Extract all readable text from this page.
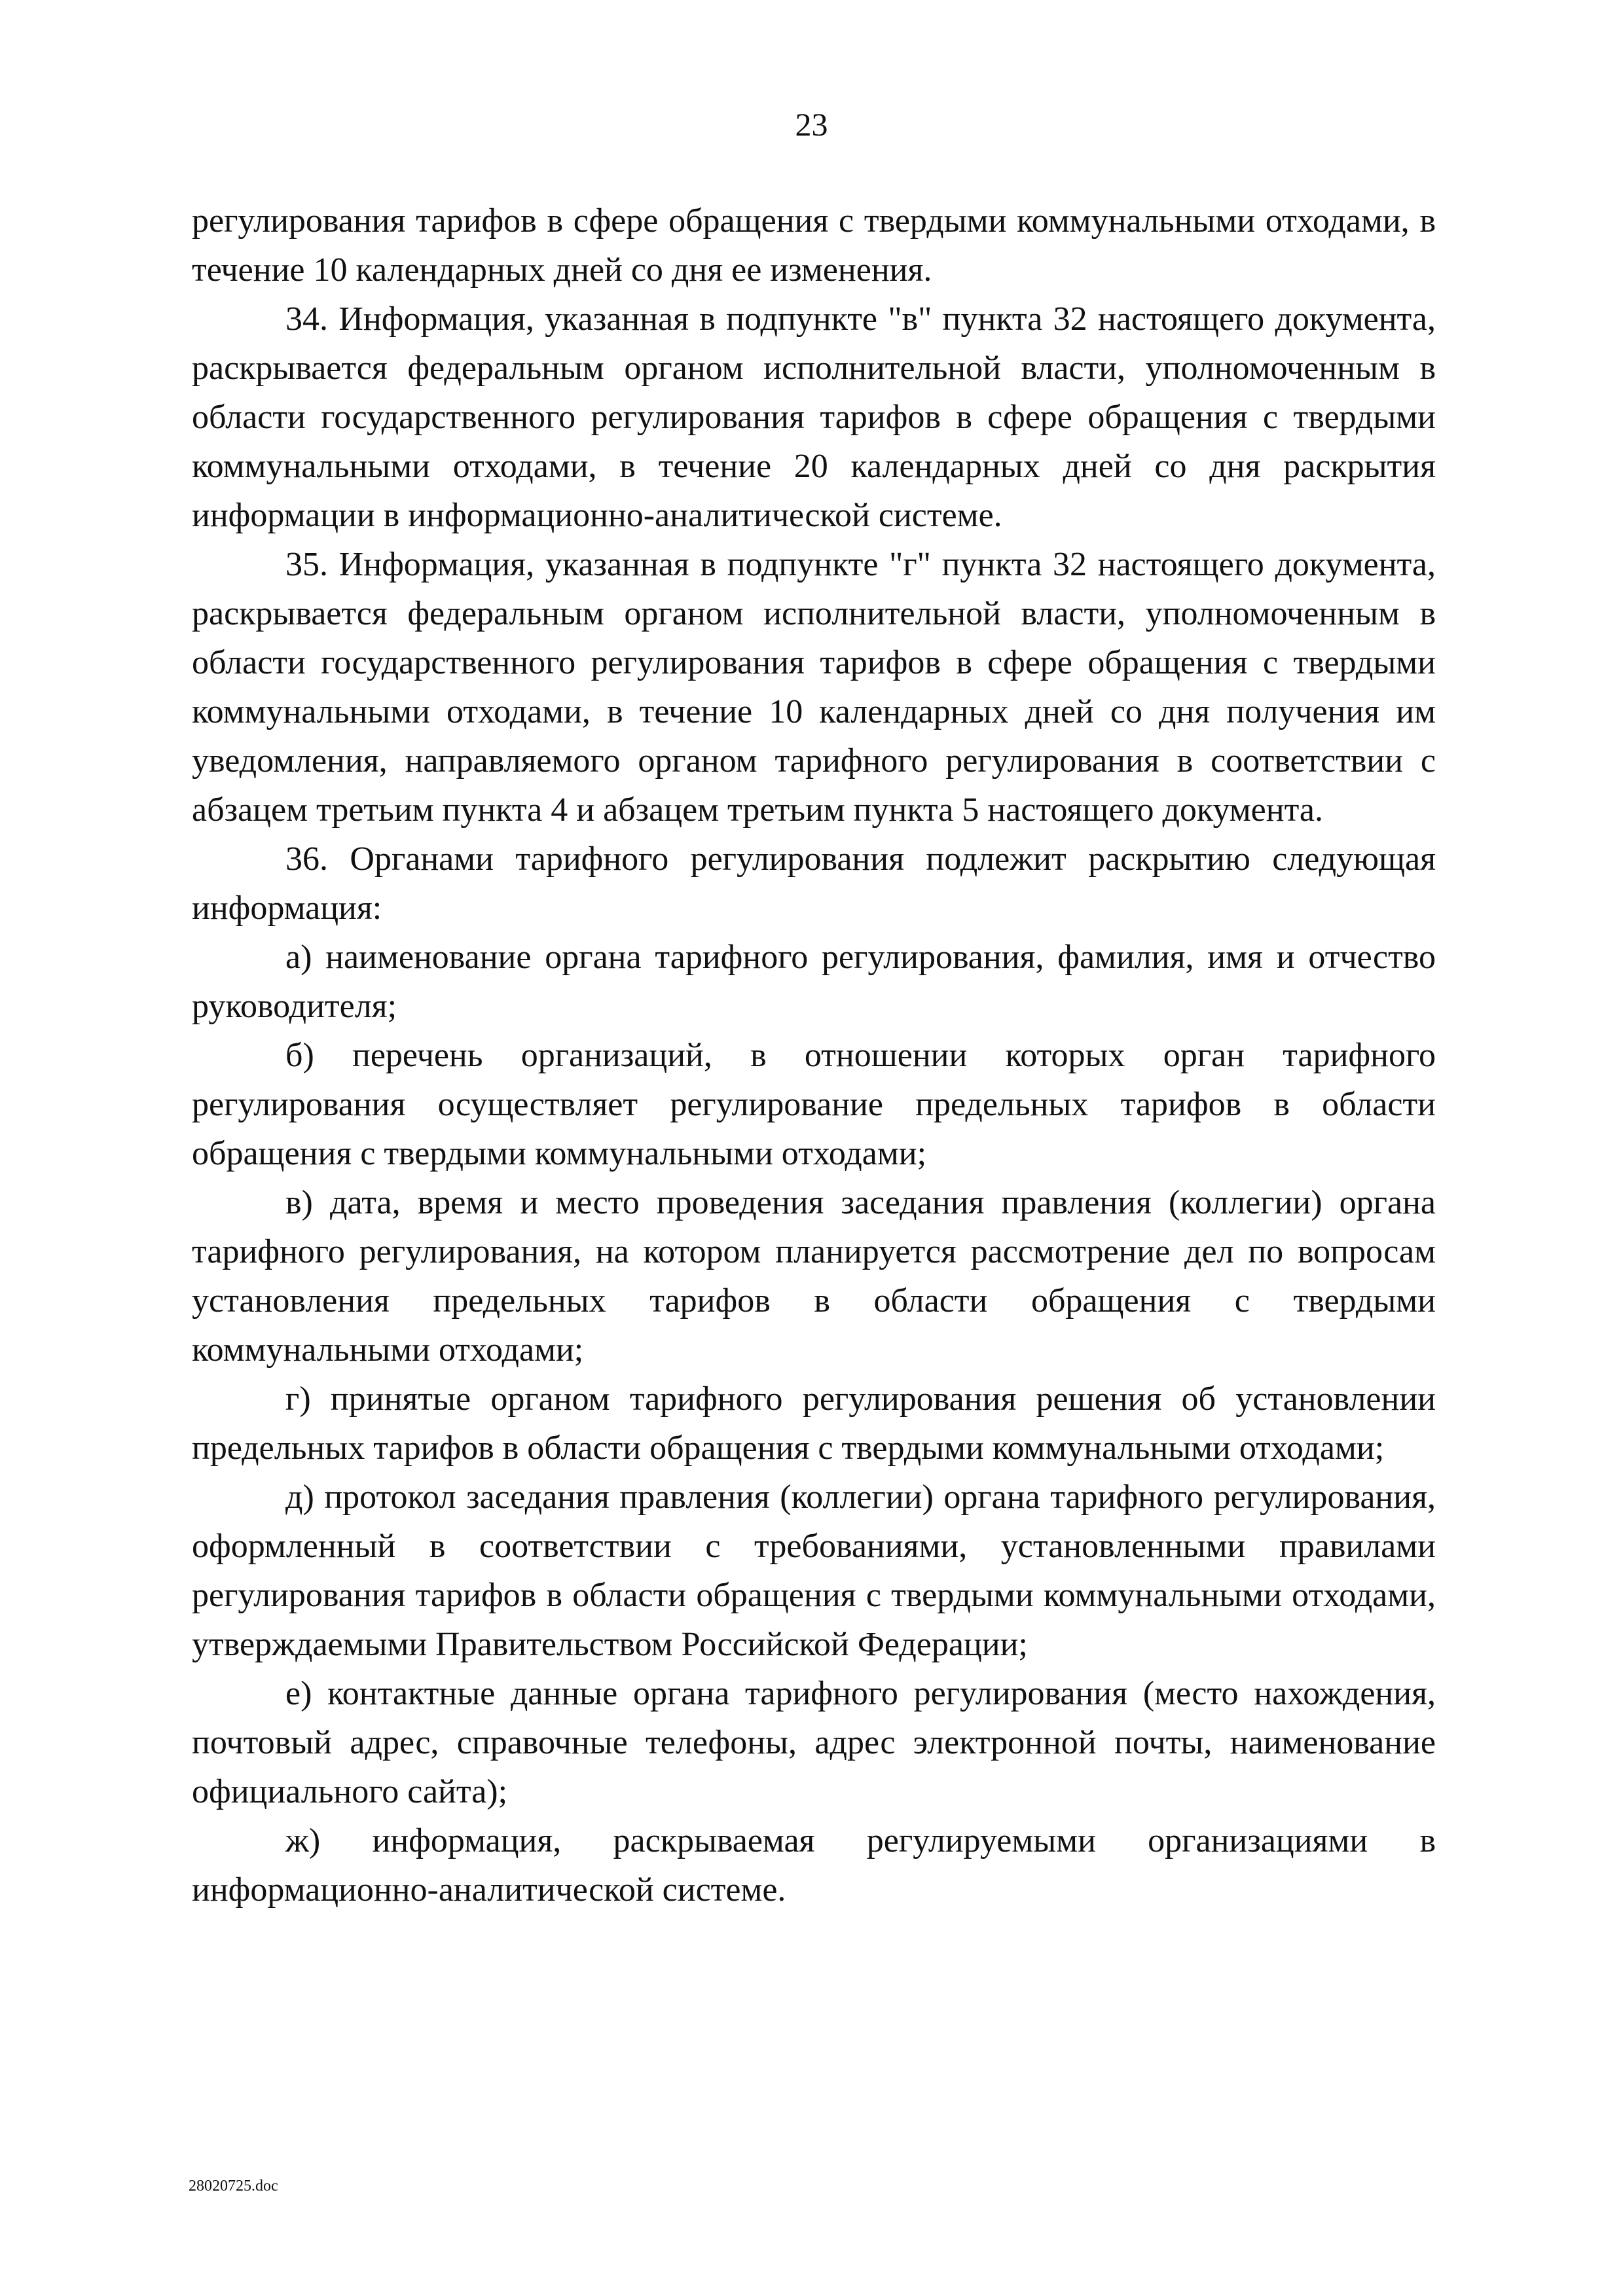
23

регулирования тарифов в сфере обращения с твердыми коммунальными отходами, в течение 10 календарных дней со дня ее изменения.

34. Информация, указанная в подпункте "в" пункта 32 настоящего документа, раскрывается федеральным органом исполнительной власти, уполномоченным в области государственного регулирования тарифов в сфере обращения с твердыми коммунальными отходами, в течение 20 календарных дней со дня раскрытия информации в информационно-аналитической системе.

35. Информация, указанная в подпункте "г" пункта 32 настоящего документа, раскрывается федеральным органом исполнительной власти, уполномоченным в области государственного регулирования тарифов в сфере обращения с твердыми коммунальными отходами, в течение 10 календарных дней со дня получения им уведомления, направляемого органом тарифного регулирования в соответствии с абзацем третьим пункта 4 и абзацем третьим пункта 5 настоящего документа.

36. Органами тарифного регулирования подлежит раскрытию следующая информация:

а) наименование органа тарифного регулирования, фамилия, имя и отчество руководителя;

б) перечень организаций, в отношении которых орган тарифного регулирования осуществляет регулирование предельных тарифов в области обращения с твердыми коммунальными отходами;

в) дата, время и место проведения заседания правления (коллегии) органа тарифного регулирования, на котором планируется рассмотрение дел по вопросам установления предельных тарифов в области обращения с твердыми коммунальными отходами;

г) принятые органом тарифного регулирования решения об установлении предельных тарифов в области обращения с твердыми коммунальными отходами;

д) протокол заседания правления (коллегии) органа тарифного регулирования, оформленный в соответствии с требованиями, установленными правилами регулирования тарифов в области обращения с твердыми коммунальными отходами, утверждаемыми Правительством Российской Федерации;

е) контактные данные органа тарифного регулирования (место нахождения, почтовый адрес, справочные телефоны, адрес электронной почты, наименование официального сайта);

ж) информация, раскрываемая регулируемыми организациями в информационно-аналитической системе.

28020725.doc
